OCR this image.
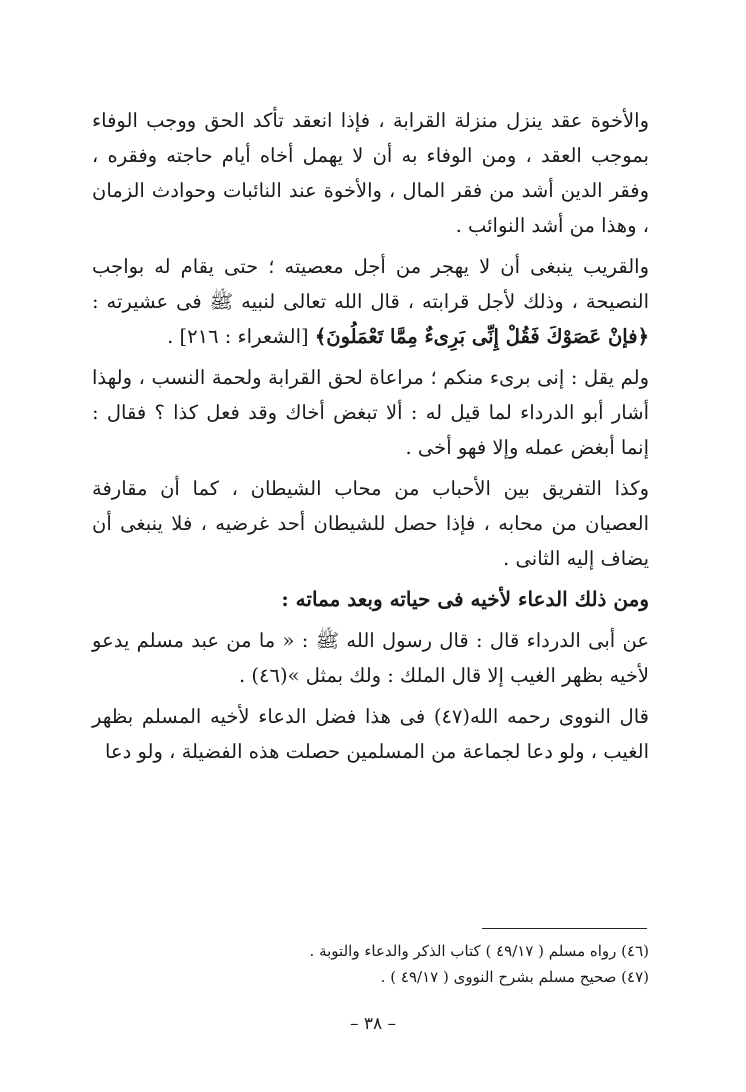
والأخوة عقد ينزل منزلة القرابة ، فإذا انعقد تأكد الحق ووجب الوفاء بموجب العقد ، ومن الوفاء به أن لا يهمل أخاه أيام حاجته وفقره ، وفقر الدين أشد من فقر المال ، والأخوة عند النائبات وحوادث الزمان ، وهذا من أشد النوائب .

والقريب ينبغى أن لا يهجر من أجل معصيته ؛ حتى يقام له بواجب النصيحة ، وذلك لأجل قرابته ، قال الله تعالى لنبيه ﷺ فى عشيرته : ﴿فإنْ عَصَوْكَ فَقُلْ إِنِّى بَرِىءٌ مِمَّا تَعْمَلُونَ﴾ [الشعراء : ٢١٦] .

ولم يقل : إنى برىء منكم ؛ مراعاة لحق القرابة ولحمة النسب ، ولهذا أشار أبو الدرداء لما قيل له : ألا تبغض أخاك وقد فعل كذا ؟ فقال : إنما أبغض عمله وإلا فهو أخى .

وكذا التفريق بين الأحباب من محاب الشيطان ، كما أن مقارفة العصيان من محابه ، فإذا حصل للشيطان أحد غرضيه ، فلا ينبغى أن يضاف إليه الثانى .

ومن ذلك الدعاء لأخيه فى حياته وبعد مماته :

عن أبى الدرداء قال : قال رسول الله ﷺ : « ما من عبد مسلم يدعو لأخيه بظهر الغيب إلا قال الملك : ولك بمثل »(٤٦) .

قال النووى رحمه الله(٤٧) فى هذا فضل الدعاء لأخيه المسلم بظهر الغيب ، ولو دعا لجماعة من المسلمين حصلت هذه الفضيلة ، ولو دعا

(٤٦) رواه مسلم ( ٤٩/١٧ ) كتاب الذكر والدعاء والتوبة .

(٤٧) صحيح مسلم بشرح النووى ( ٤٩/١٧ ) .

– ٣٨ –
